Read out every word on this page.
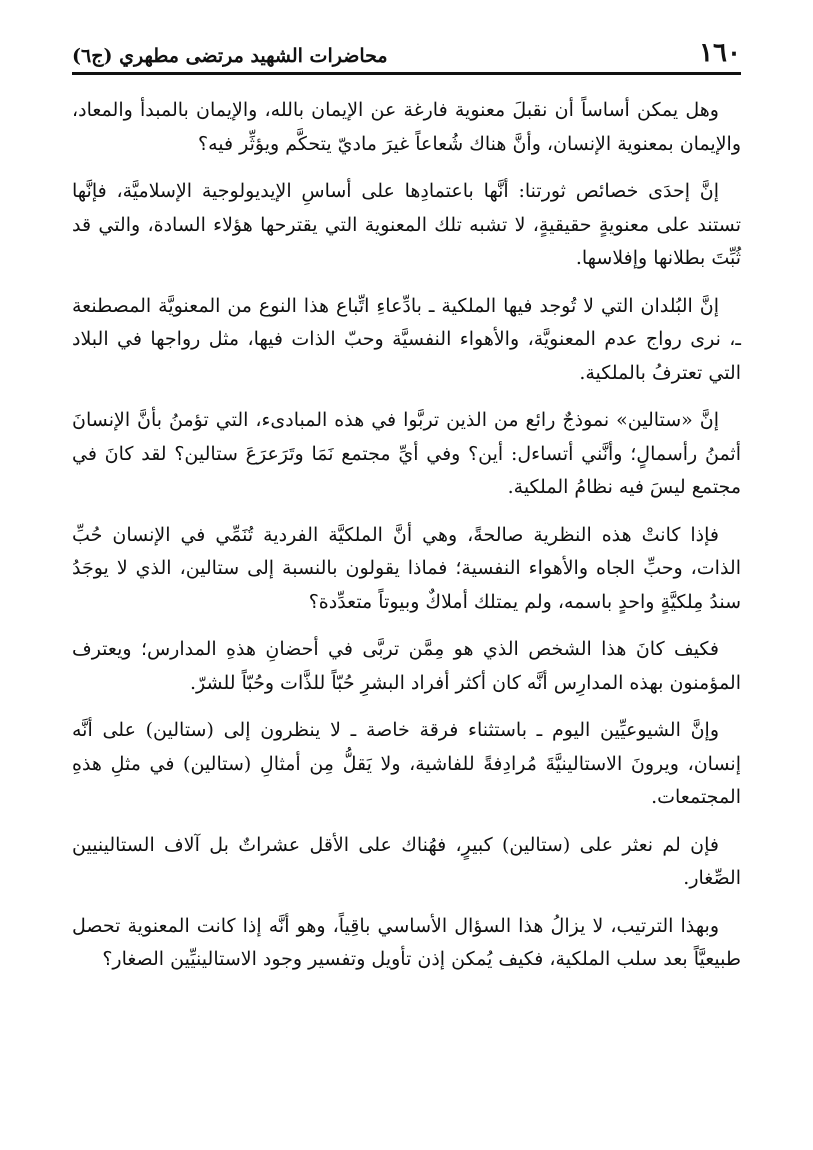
١٦٠
محاضرات الشهيد مرتضى مطهري (ج٦)

وهل يمكن أساساً أن نقبلَ معنوية فارغة عن الإيمان بالله، والإيمان بالمبدأ والمعاد، والإيمان بمعنوية الإنسان، وأنَّ هناك شُعاعاً غيرَ ماديّ يتحكَّم ويؤثِّر فيه؟

إنَّ إحدَى خصائص ثورتنا: أنَّها باعتمادِها على أساسِ الإيديولوجية الإسلاميَّة، فإنَّها تستند على معنويةٍ حقيقيةٍ، لا تشبه تلك المعنوية التي يقترحها هؤلاء السادة، والتي قد ثُبِّتَ بطلانها وإفلاسها.

إنَّ البُلدان التي لا تُوجد فيها الملكية ـ بادِّعاءِ اتِّباع هذا النوع من المعنويَّة المصطنعة ـ، نرى رواج عدم المعنويَّة، والأهواء النفسيَّة وحبّ الذات فيها، مثل رواجها في البلاد التي تعترفُ بالملكية.

إنَّ «ستالين» نموذجٌ رائع من الذين تربَّوا في هذه المبادىء، التي تؤمنُ بأنَّ الإنسانَ أثمنُ رأسمالٍ؛ وأنَّني أتساءل: أين؟ وفي أيِّ مجتمع نَمَا وتَرَعرَعَ ستالين؟ لقد كانَ في مجتمع ليسَ فيه نظامُ الملكية.

فإذا كانتْ هذه النظرية صالحةً، وهي أنَّ الملكيَّة الفردية تُنَمِّي في الإنسان حُبِّ الذات، وحبِّ الجاه والأهواء النفسية؛ فماذا يقولون بالنسبة إلى ستالين، الذي لا يوجَدُ سندُ مِلكيَّةٍ واحدٍ باسمه، ولم يمتلك أملاكٌ وبيوتاً متعدِّدة؟

فكيف كانَ هذا الشخص الذي هو مِمَّن تربَّى في أحضانِ هذهِ المدارس؛ ويعترف المؤمنون بهذه المدارِس أنَّه كان أكثر أفراد البشرِ حُبّاً للذَّات وحُبّاً للشرّ.

وإنَّ الشيوعيِّين اليوم ـ باستثناء فرقة خاصة ـ لا ينظرون إلى (ستالين) على أنَّه إنسان، ويرونَ الاستالينيَّةَ مُرادِفةً للفاشية، ولا يَقلُّ مِن أمثالِ (ستالين) في مثلِ هذهِ المجتمعات.

فإن لم نعثر على (ستالين) كبيرٍ، فهُناك على الأقل عشراتٌ بل آلاف الستالينيين الصِّغار.

وبهذا الترتيب، لا يزالُ هذا السؤال الأساسي باقِياً، وهو أنَّه إذا كانت المعنوية تحصل طبيعيَّاً بعد سلب الملكية، فكيف يُمكن إذن تأويل وتفسير وجود الاستالينيِّين الصغار؟
